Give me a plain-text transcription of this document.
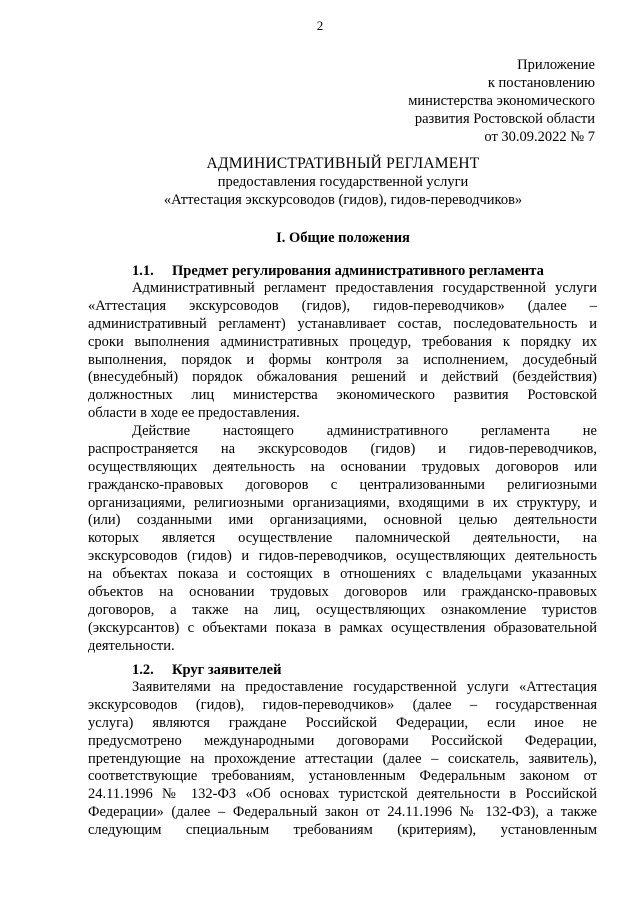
2
Приложение
к постановлению
министерства экономического
развития Ростовской области
от 30.09.2022 № 7
АДМИНИСТРАТИВНЫЙ РЕГЛАМЕНТ
предоставления государственной услуги
«Аттестация экскурсоводов (гидов), гидов-переводчиков»
I. Общие положения
1.1. Предмет регулирования административного регламента
Административный регламент предоставления государственной услуги
«Аттестация экскурсоводов (гидов), гидов-переводчиков» (далее –
административный регламент) устанавливает состав, последовательность и
сроки выполнения административных процедур, требования к порядку их
выполнения, порядок и формы контроля за исполнением, досудебный
(внесудебный) порядок обжалования решений и действий (бездействия)
должностных лиц министерства экономического развития Ростовской
области в ходе ее предоставления.
Действие настоящего административного регламента не
распространяется на экскурсоводов (гидов) и гидов-переводчиков,
осуществляющих деятельность на основании трудовых договоров или
гражданско-правовых договоров с централизованными религиозными
организациями, религиозными организациями, входящими в их структуру, и
(или) созданными ими организациями, основной целью деятельности
которых является осуществление паломнической деятельности, на
экскурсоводов (гидов) и гидов-переводчиков, осуществляющих деятельность
на объектах показа и состоящих в отношениях с владельцами указанных
объектов на основании трудовых договоров или гражданско-правовых
договоров, а также на лиц, осуществляющих ознакомление туристов
(экскурсантов) с объектами показа в рамках осуществления образовательной
деятельности.
1.2. Круг заявителей
Заявителями на предоставление государственной услуги «Аттестация
экскурсоводов (гидов), гидов-переводчиков» (далее – государственная
услуга) являются граждане Российской Федерации, если иное не
предусмотрено международными договорами Российской Федерации,
претендующие на прохождение аттестации (далее – соискатель, заявитель),
соответствующие требованиям, установленным Федеральным законом от
24.11.1996 № 132-ФЗ «Об основах туристской деятельности в Российской
Федерации» (далее – Федеральный закон от 24.11.1996 № 132-ФЗ), а также
следующим специальным требованиям (критериям), установленным
